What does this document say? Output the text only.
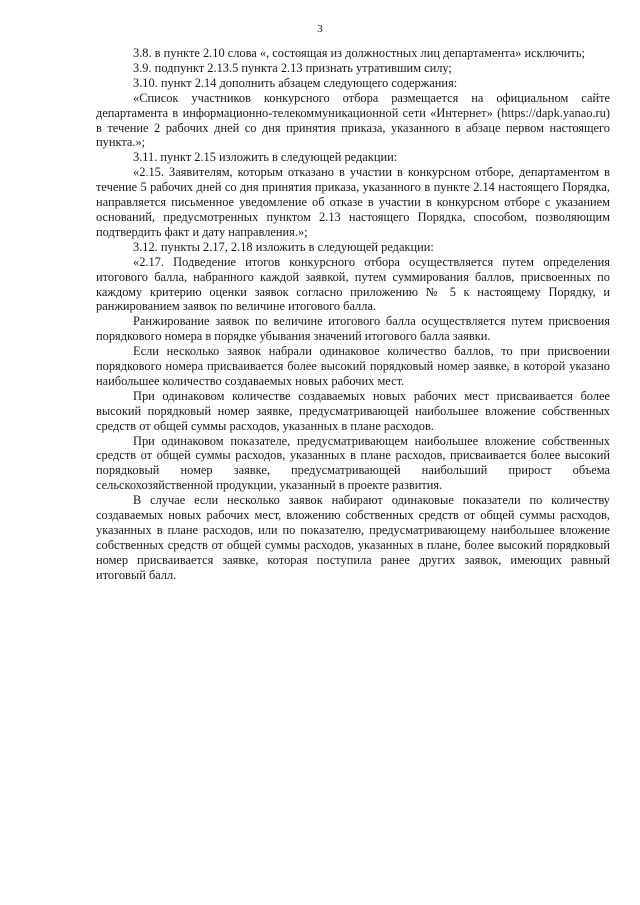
3

3.8. в пункте 2.10 слова «, состоящая из должностных лиц департамента» исключить;

3.9. подпункт 2.13.5 пункта 2.13 признать утратившим силу;

3.10. пункт 2.14 дополнить абзацем следующего содержания:

«Список участников конкурсного отбора размещается на официальном сайте департамента в информационно-телекоммуникационной сети «Интернет» (https://dapk.yanao.ru) в течение 2 рабочих дней со дня принятия приказа, указанного в абзаце первом настоящего пункта.»;

3.11. пункт 2.15 изложить в следующей редакции:

«2.15. Заявителям, которым отказано в участии в конкурсном отборе, департаментом в течение 5 рабочих дней со дня принятия приказа, указанного в пункте 2.14 настоящего Порядка, направляется письменное уведомление об отказе в участии в конкурсном отборе с указанием оснований, предусмотренных пунктом 2.13 настоящего Порядка, способом, позволяющим подтвердить факт и дату направления.»;

3.12. пункты 2.17, 2.18 изложить в следующей редакции:

«2.17. Подведение итогов конкурсного отбора осуществляется путем определения итогового балла, набранного каждой заявкой, путем суммирования баллов, присвоенных по каждому критерию оценки заявок согласно приложению № 5 к настоящему Порядку, и ранжированием заявок по величине итогового балла.

Ранжирование заявок по величине итогового балла осуществляется путем присвоения порядкового номера в порядке убывания значений итогового балла заявки.

Если несколько заявок набрали одинаковое количество баллов, то при присвоении порядкового номера присваивается более высокий порядковый номер заявке, в которой указано наибольшее количество создаваемых новых рабочих мест.

При одинаковом количестве создаваемых новых рабочих мест присваивается более высокий порядковый номер заявке, предусматривающей наибольшее вложение собственных средств от общей суммы расходов, указанных в плане расходов.

При одинаковом показателе, предусматривающем наибольшее вложение собственных средств от общей суммы расходов, указанных в плане расходов, присваивается более высокий порядковый номер заявке, предусматривающей наибольший прирост объема сельскохозяйственной продукции, указанный в проекте развития.

В случае если несколько заявок набирают одинаковые показатели по количеству создаваемых новых рабочих мест, вложению собственных средств от общей суммы расходов, указанных в плане расходов, или по показателю, предусматривающему наибольшее вложение собственных средств от общей суммы расходов, указанных в плане, более высокий порядковый номер присваивается заявке, которая поступила ранее других заявок, имеющих равный итоговый балл.
